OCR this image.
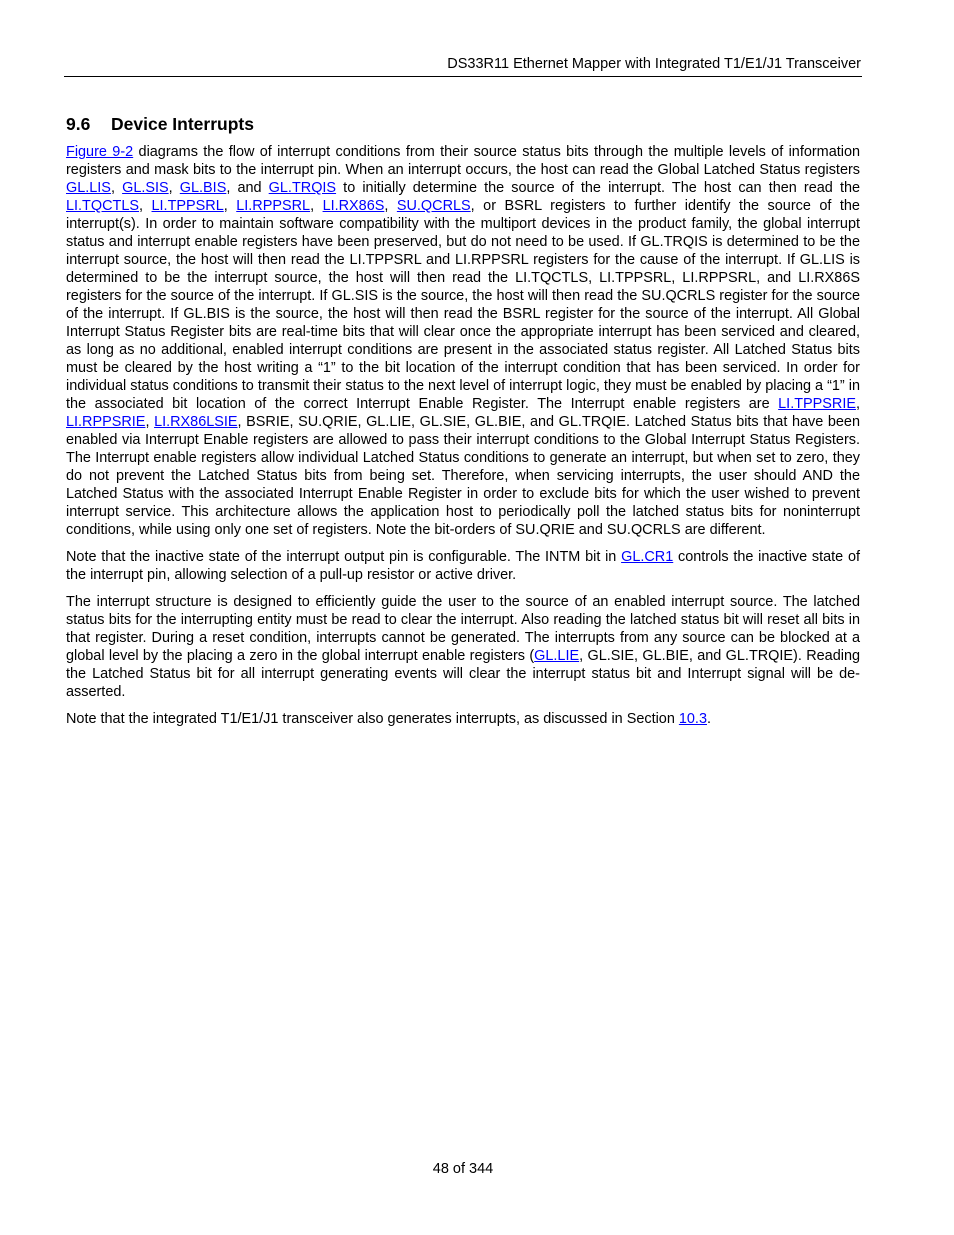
DS33R11 Ethernet Mapper with Integrated T1/E1/J1 Transceiver
9.6 Device Interrupts

Figure 9-2 diagrams the flow of interrupt conditions from their source status bits through the multiple levels of information registers and mask bits to the interrupt pin. When an interrupt occurs, the host can read the Global Latched Status registers GL.LIS, GL.SIS, GL.BIS, and GL.TRQIS to initially determine the source of the interrupt. The host can then read the LI.TQCTLS, LI.TPPSRL, LI.RPPSRL, LI.RX86S, SU.QCRLS, or BSRL registers to further identify the source of the interrupt(s). In order to maintain software compatibility with the multiport devices in the product family, the global interrupt status and interrupt enable registers have been preserved, but do not need to be used. If GL.TRQIS is determined to be the interrupt source, the host will then read the LI.TPPSRL and LI.RPPSRL registers for the cause of the interrupt. If GL.LIS is determined to be the interrupt source, the host will then read the LI.TQCTLS, LI.TPPSRL, LI.RPPSRL, and LI.RX86S registers for the source of the interrupt. If GL.SIS is the source, the host will then read the SU.QCRLS register for the source of the interrupt. If GL.BIS is the source, the host will then read the BSRL register for the source of the interrupt. All Global Interrupt Status Register bits are real-time bits that will clear once the appropriate interrupt has been serviced and cleared, as long as no additional, enabled interrupt conditions are present in the associated status register. All Latched Status bits must be cleared by the host writing a “1” to the bit location of the interrupt condition that has been serviced. In order for individual status conditions to transmit their status to the next level of interrupt logic, they must be enabled by placing a “1” in the associated bit location of the correct Interrupt Enable Register. The Interrupt enable registers are LI.TPPSRIE, LI.RPPSRIE, LI.RX86LSIE, BSRIE, SU.QRIE, GL.LIE, GL.SIE, GL.BIE, and GL.TRQIE. Latched Status bits that have been enabled via Interrupt Enable registers are allowed to pass their interrupt conditions to the Global Interrupt Status Registers. The Interrupt enable registers allow individual Latched Status conditions to generate an interrupt, but when set to zero, they do not prevent the Latched Status bits from being set. Therefore, when servicing interrupts, the user should AND the Latched Status with the associated Interrupt Enable Register in order to exclude bits for which the user wished to prevent interrupt service. This architecture allows the application host to periodically poll the latched status bits for noninterrupt conditions, while using only one set of registers. Note the bit-orders of SU.QRIE and SU.QCRLS are different.

Note that the inactive state of the interrupt output pin is configurable. The INTM bit in GL.CR1 controls the inactive state of the interrupt pin, allowing selection of a pull-up resistor or active driver.

The interrupt structure is designed to efficiently guide the user to the source of an enabled interrupt source. The latched status bits for the interrupting entity must be read to clear the interrupt. Also reading the latched status bit will reset all bits in that register. During a reset condition, interrupts cannot be generated. The interrupts from any source can be blocked at a global level by the placing a zero in the global interrupt enable registers (GL.LIE, GL.SIE, GL.BIE, and GL.TRQIE). Reading the Latched Status bit for all interrupt generating events will clear the interrupt status bit and Interrupt signal will be de-asserted.

Note that the integrated T1/E1/J1 transceiver also generates interrupts, as discussed in Section 10.3.

48 of 344
